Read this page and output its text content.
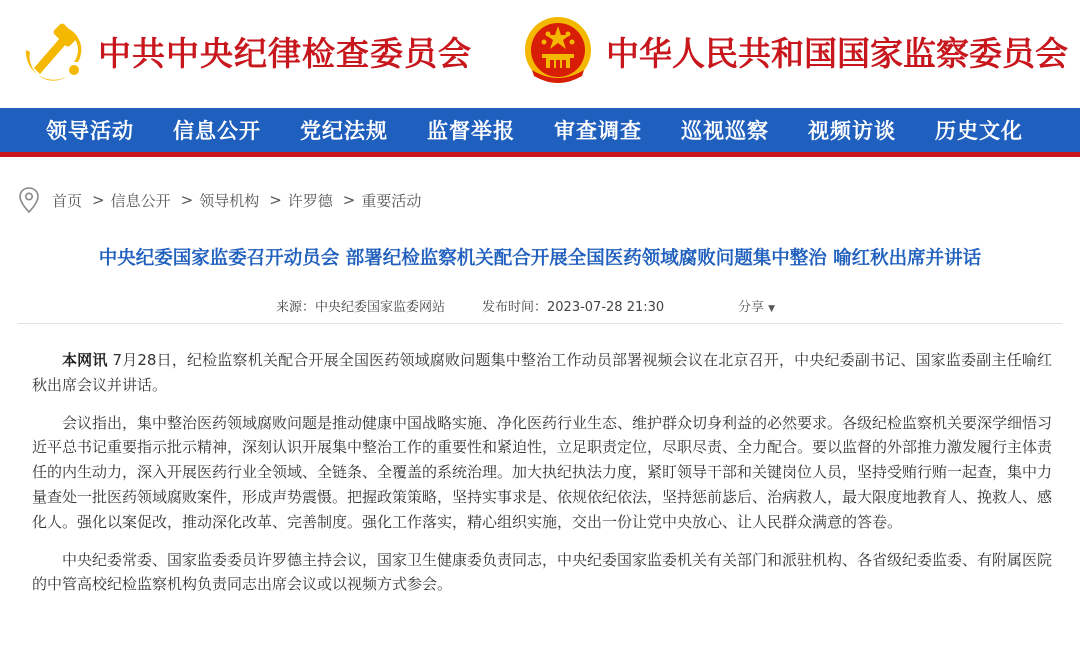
中共中央纪律检查委员会	中华人民共和国国家监察委员会
领导活动 信息公开 党纪法规 监督举报 审查调查 巡视巡察 视频访谈 历史文化
首页 > 信息公开 > 领导机构 > 许罗德 > 重要活动
中央纪委国家监委召开动员会 部署纪检监察机关配合开展全国医药领域腐败问题集中整治 喻红秋出席并讲话
来源：中央纪委国家监委网站	发布时间：2023-07-28 21:30	分享 ▼

本网讯 7月28日，纪检监察机关配合开展全国医药领域腐败问题集中整治工作动员部署视频会议在北京召开，中央纪委副书记、国家监委副主任喻红秋出席会议并讲话。

会议指出，集中整治医药领域腐败问题是推动健康中国战略实施、净化医药行业生态、维护群众切身利益的必然要求。各级纪检监察机关要深学细悟习近平总书记重要指示批示精神，深刻认识开展集中整治工作的重要性和紧迫性，立足职责定位，尽职尽责、全力配合。要以监督的外部推力激发履行主体责任的内生动力，深入开展医药行业全领域、全链条、全覆盖的系统治理。加大执纪执法力度，紧盯领导干部和关键岗位人员，坚持受贿行贿一起查，集中力量查处一批医药领域腐败案件，形成声势震慑。把握政策策略，坚持实事求是、依规依纪依法，坚持惩前毖后、治病救人，最大限度地教育人、挽救人、感化人。强化以案促改，推动深化改革、完善制度。强化工作落实，精心组织实施，交出一份让党中央放心、让人民群众满意的答卷。

中央纪委常委、国家监委委员许罗德主持会议，国家卫生健康委负责同志，中央纪委国家监委机关有关部门和派驻机构、各省级纪委监委、有附属医院的中管高校纪检监察机构负责同志出席会议或以视频方式参会。
